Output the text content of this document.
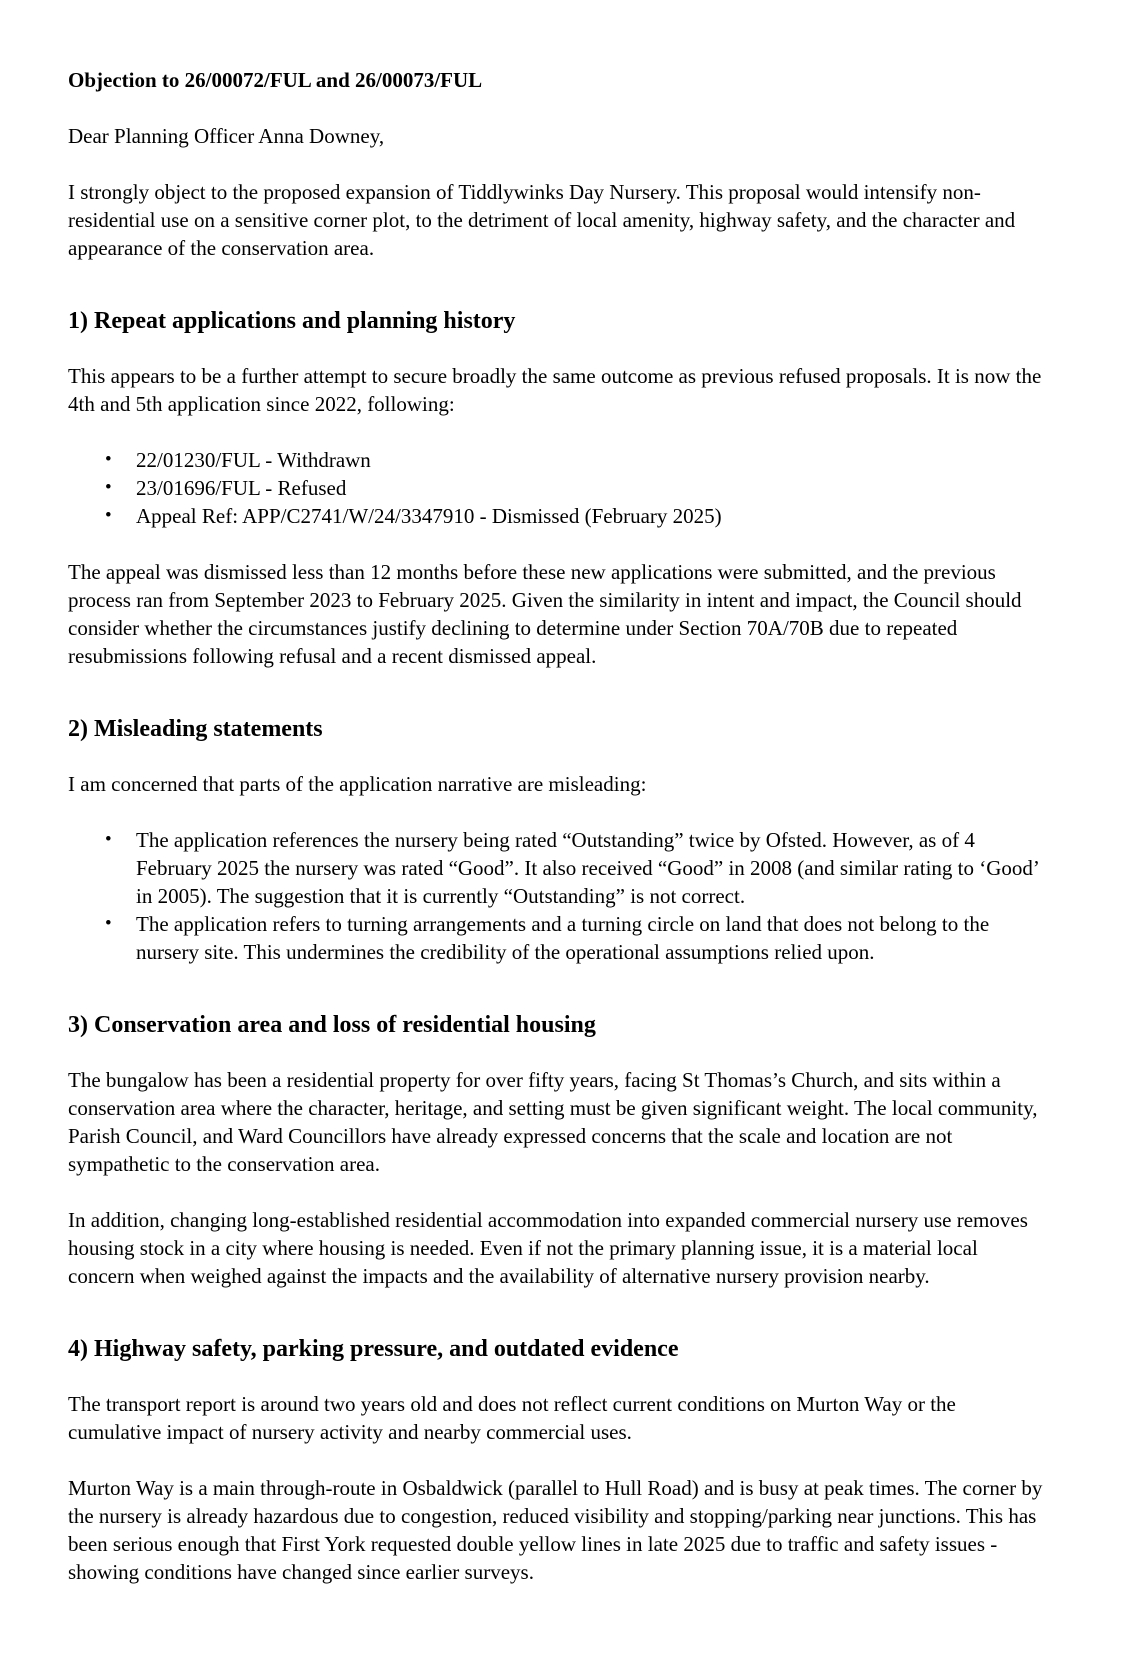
Objection to 26/00072/FUL and 26/00073/FUL
Dear Planning Officer Anna Downey,

I strongly object to the proposed expansion of Tiddlywinks Day Nursery. This proposal would intensify non-residential use on a sensitive corner plot, to the detriment of local amenity, highway safety, and the character and appearance of the conservation area.

1) Repeat applications and planning history

This appears to be a further attempt to secure broadly the same outcome as previous refused proposals. It is now the 4th and 5th application since 2022, following:

• 22/01230/FUL - Withdrawn
• 23/01696/FUL - Refused
• Appeal Ref: APP/C2741/W/24/3347910 - Dismissed (February 2025)

The appeal was dismissed less than 12 months before these new applications were submitted, and the previous process ran from September 2023 to February 2025. Given the similarity in intent and impact, the Council should consider whether the circumstances justify declining to determine under Section 70A/70B due to repeated resubmissions following refusal and a recent dismissed appeal.

2) Misleading statements

I am concerned that parts of the application narrative are misleading:

• The application references the nursery being rated “Outstanding” twice by Ofsted. However, as of 4 February 2025 the nursery was rated “Good”. It also received “Good” in 2008 (and similar rating to ‘Good’ in 2005). The suggestion that it is currently “Outstanding” is not correct.
• The application refers to turning arrangements and a turning circle on land that does not belong to the nursery site. This undermines the credibility of the operational assumptions relied upon.
3) Conservation area and loss of residential housing

The bungalow has been a residential property for over fifty years, facing St Thomas’s Church, and sits within a conservation area where the character, heritage, and setting must be given significant weight. The local community, Parish Council, and Ward Councillors have already expressed concerns that the scale and location are not sympathetic to the conservation area.

In addition, changing long-established residential accommodation into expanded commercial nursery use removes housing stock in a city where housing is needed. Even if not the primary planning issue, it is a material local concern when weighed against the impacts and the availability of alternative nursery provision nearby.

4) Highway safety, parking pressure, and outdated evidence

The transport report is around two years old and does not reflect current conditions on Murton Way or the cumulative impact of nursery activity and nearby commercial uses.

Murton Way is a main through-route in Osbaldwick (parallel to Hull Road) and is busy at peak times. The corner by the nursery is already hazardous due to congestion, reduced visibility and stopping/parking near junctions. This has been serious enough that First York requested double yellow lines in late 2025 due to traffic and safety issues - showing conditions have changed since earlier surveys.
